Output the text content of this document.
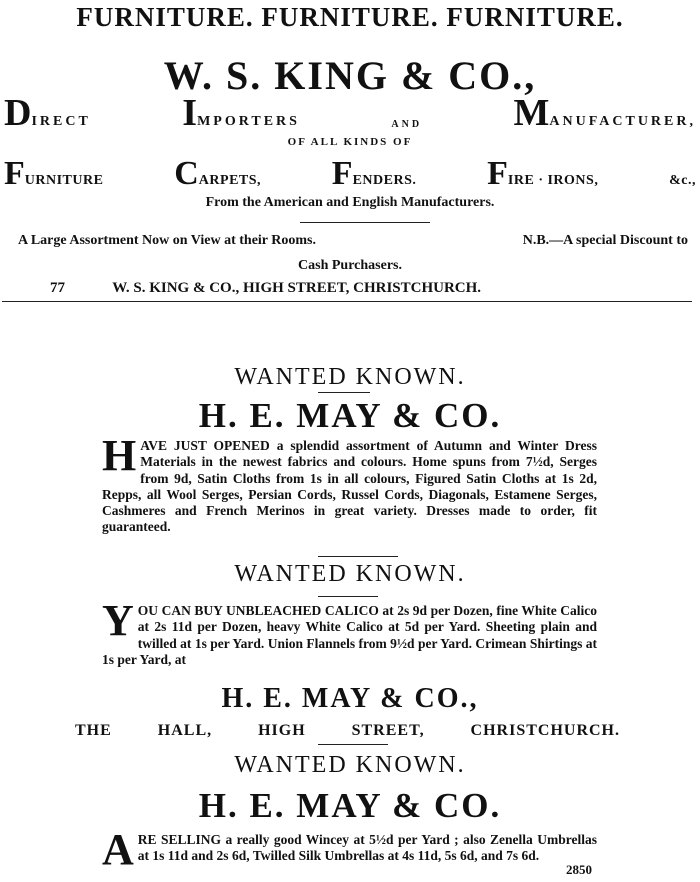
FURNITURE. FURNITURE. FURNITURE.
W. S. KING & CO.,
DIRECT IMPORTERS	AND MANUFACTURER,
OF ALL KINDS OF
FURNITURE CARPETS, FENDERS. FIRE · IRONS,	&c.,
From the American and English Manufacturers.
A Large Assortment Now on View at their Rooms.	N.B.—A special Discount to
Cash Purchasers.
77	W. S. KING & CO., HIGH STREET, CHRISTCHURCH.
WANTED KNOWN.
H. E. MAY & CO.
H AVE JUST OPENED a splendid assortment of Autumn and Winter Dress Materials in the newest fabrics and colours. Home spuns from 7½d, Serges from 9d, Satin Cloths from 1s in all colours, Figured Satin Cloths at 1s 2d, Repps, all Wool Serges, Persian Cords, Russel Cords, Diagonals, Estamene Serges, Cashmeres and French Merinos in great variety. Dresses made to order, fit guaranteed.

WANTED KNOWN.
Y OU CAN BUY UNBLEACHED CALICO at 2s 9d per Dozen, fine White Calico at 2s 11d per Dozen, heavy White Calico at 5d per Yard. Sheeting plain and twilled at 1s per Yard. Union Flannels from 9½d per Yard. Crimean Shirtings at 1s per Yard, at

H. E. MAY & CO.,
THE	HALL,	HIGH	STREET,	CHRISTCHURCH.
WANTED KNOWN.
H. E. MAY & CO.
A RE SELLING a really good Wincey at 5½d per Yard ; also Zenella Umbrellas at 1s 11d and 2s 6d, Twilled Silk Umbrellas at 4s 11d, 5s 6d, and 7s 6d.

2850
